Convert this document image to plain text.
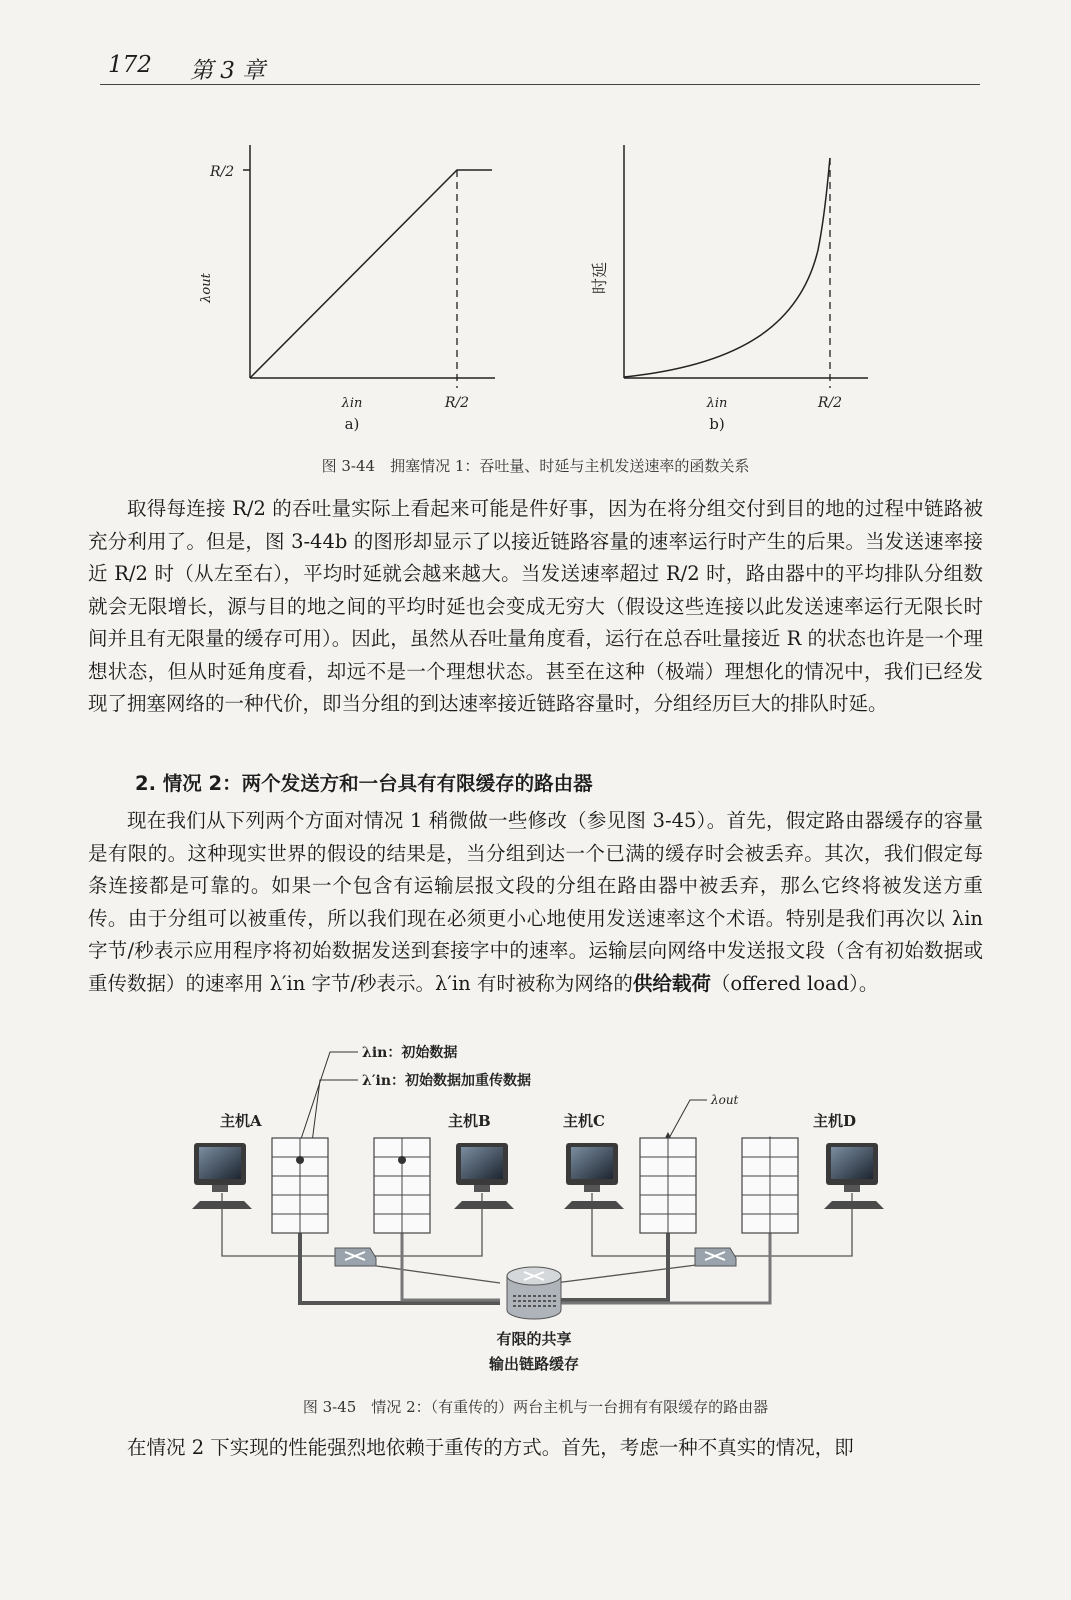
172 第 3 章
R/2
λout
λin	R/2
a)
时延
λin	R/2
b)
图 3-44　拥塞情况 1：吞吐量、时延与主机发送速率的函数关系

取得每连接 R/2 的吞吐量实际上看起来可能是件好事，因为在将分组交付到目的地的过程中链路被充分利用了。但是，图 3-44b 的图形却显示了以接近链路容量的速率运行时产生的后果。当发送速率接近 R/2 时（从左至右），平均时延就会越来越大。当发送速率超过 R/2 时，路由器中的平均排队分组数就会无限增长，源与目的地之间的平均时延也会变成无穷大（假设这些连接以此发送速率运行无限长时间并且有无限量的缓存可用）。因此，虽然从吞吐量角度看，运行在总吞吐量接近 R 的状态也许是一个理想状态，但从时延角度看，却远不是一个理想状态。甚至在这种（极端）理想化的情况中，我们已经发现了拥塞网络的一种代价，即当分组的到达速率接近链路容量时，分组经历巨大的排队时延。

2. 情况 2：两个发送方和一台具有有限缓存的路由器

现在我们从下列两个方面对情况 1 稍微做一些修改（参见图 3-45）。首先，假定路由器缓存的容量是有限的。这种现实世界的假设的结果是，当分组到达一个已满的缓存时会被丢弃。其次，我们假定每条连接都是可靠的。如果一个包含有运输层报文段的分组在路由器中被丢弃，那么它终将被发送方重传。由于分组可以被重传，所以我们现在必须更小心地使用发送速率这个术语。特别是我们再次以 λin 字节/秒表示应用程序将初始数据发送到套接字中的速率。运输层向网络中发送报文段（含有初始数据或重传数据）的速率用 λ′in 字节/秒表示。λ′in 有时被称为网络的供给载荷（offered load）。

λin：初始数据
λ′in：初始数据加重传数据
λout
主机A	主机B	主机C	主机D
有限的共享
输出链路缓存
图 3-45　情况 2：（有重传的）两台主机与一台拥有有限缓存的路由器

在情况 2 下实现的性能强烈地依赖于重传的方式。首先，考虑一种不真实的情况，即
